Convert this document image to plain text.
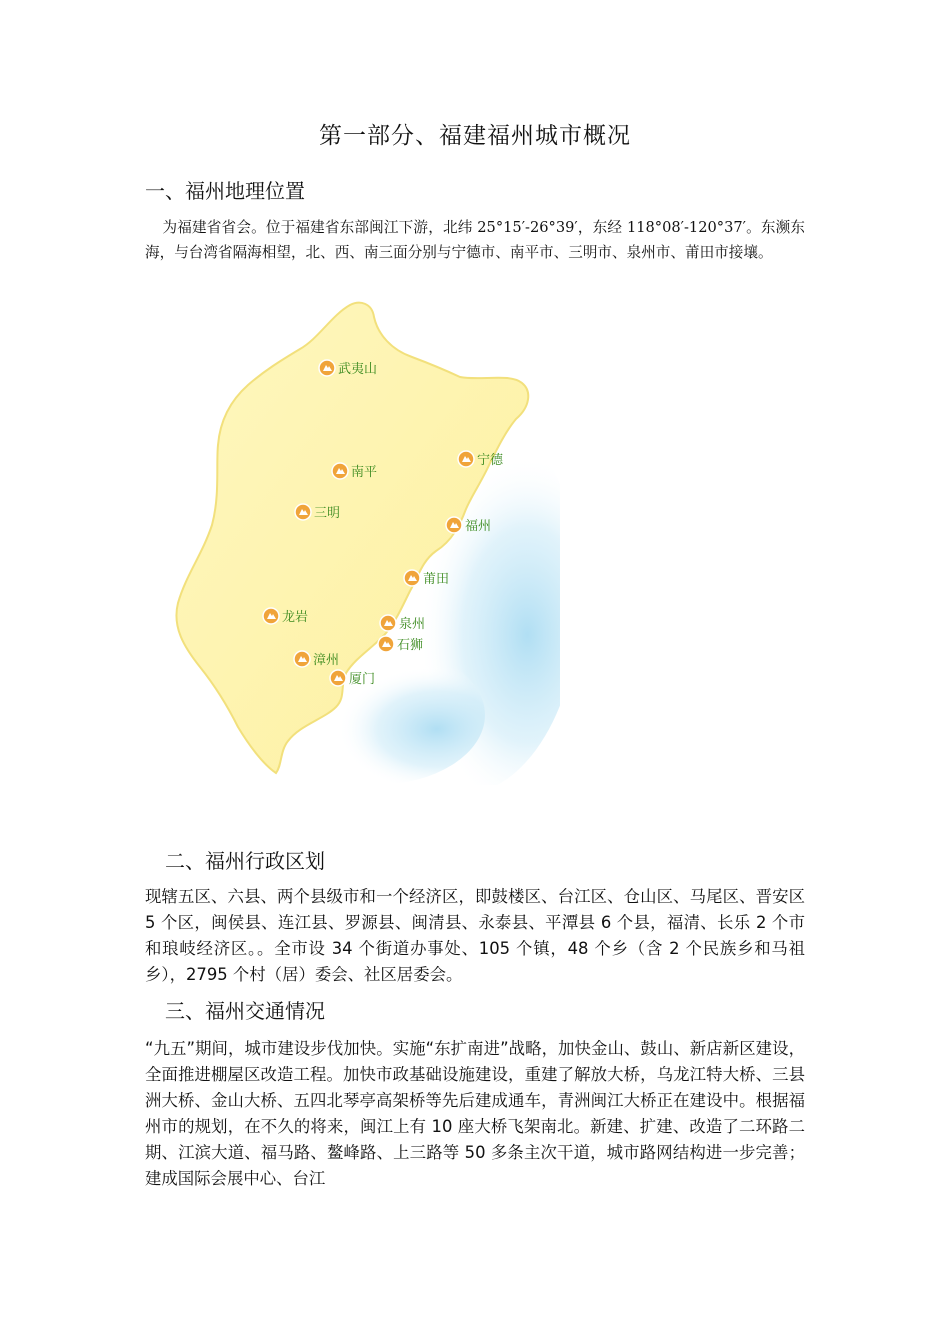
第一部分、福建福州城市概况
一、福州地理位置
为福建省省会。位于福建省东部闽江下游，北纬 25°15′-26°39′，东经 118°08′-120°37′。东濒东海，与台湾省隔海相望，北、西、南三面分别与宁德市、南平市、三明市、泉州市、莆田市接壤。
武夷山
宁德
南平
三明
福州
莆田
龙岩	泉州
石狮
漳州
厦门
二、福州行政区划
现辖五区、六县、两个县级市和一个经济区，即鼓楼区、台江区、仓山区、马尾区、晋安区 5 个区，闽侯县、连江县、罗源县、闽清县、永泰县、平潭县 6 个县，福清、长乐 2 个市和琅岐经济区。。全市设 34 个街道办事处、105 个镇，48 个乡（含 2 个民族乡和马祖乡），2795 个村（居）委会、社区居委会。
三、福州交通情况
“九五”期间，城市建设步伐加快。实施“东扩南进”战略，加快金山、鼓山、新店新区建设，全面推进棚屋区改造工程。加快市政基础设施建设，重建了解放大桥，乌龙江特大桥、三县洲大桥、金山大桥、五四北琴亭高架桥等先后建成通车，青洲闽江大桥正在建设中。根据福州市的规划，在不久的将来，闽江上有 10 座大桥飞架南北。新建、扩建、改造了二环路二期、江滨大道、福马路、鳌峰路、上三路等 50 多条主次干道，城市路网结构进一步完善；建成国际会展中心、台江
